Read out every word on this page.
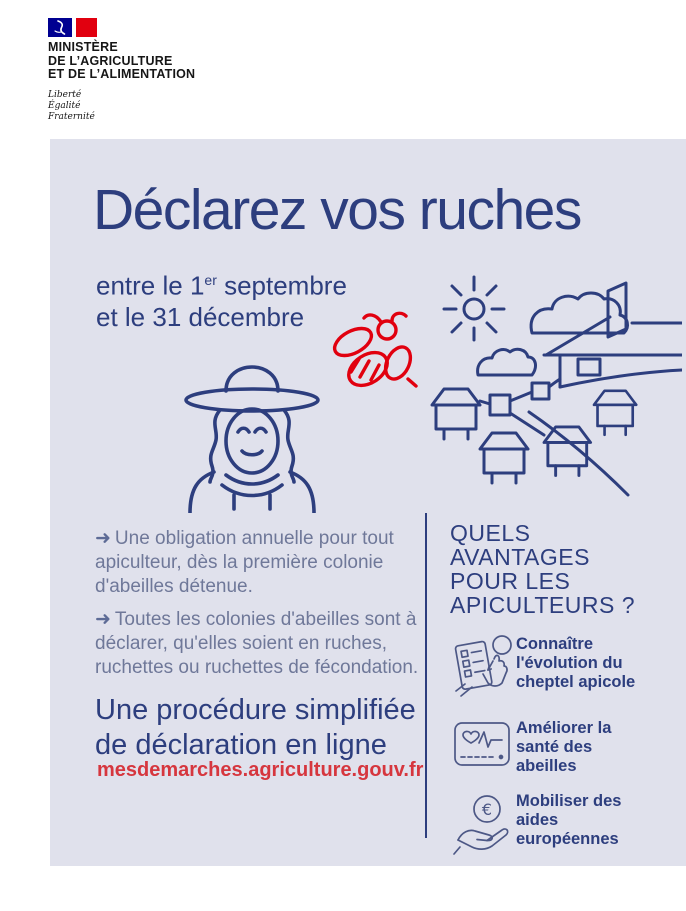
MINISTÈRE
DE L’AGRICULTURE
ET DE L’ALIMENTATION
Liberté
Égalité
Fraternité
Déclarez vos ruches
entre le 1er septembre
et le 31 décembre

➜ Une obligation annuelle pour tout apiculteur, dès la première colonie d'abeilles détenue.

➜ Toutes les colonies d'abeilles sont à déclarer, qu'elles soient en ruches, ruchettes ou ruchettes de fécondation.

Une procédure simplifiée
de déclaration en ligne
mesdemarches.agriculture.gouv.fr
QUELS
AVANTAGES
POUR LES
APICULTEURS ?
Connaître l'évolution du cheptel apicole
Améliorer la santé des abeilles
€ Mobiliser des aides européennes
